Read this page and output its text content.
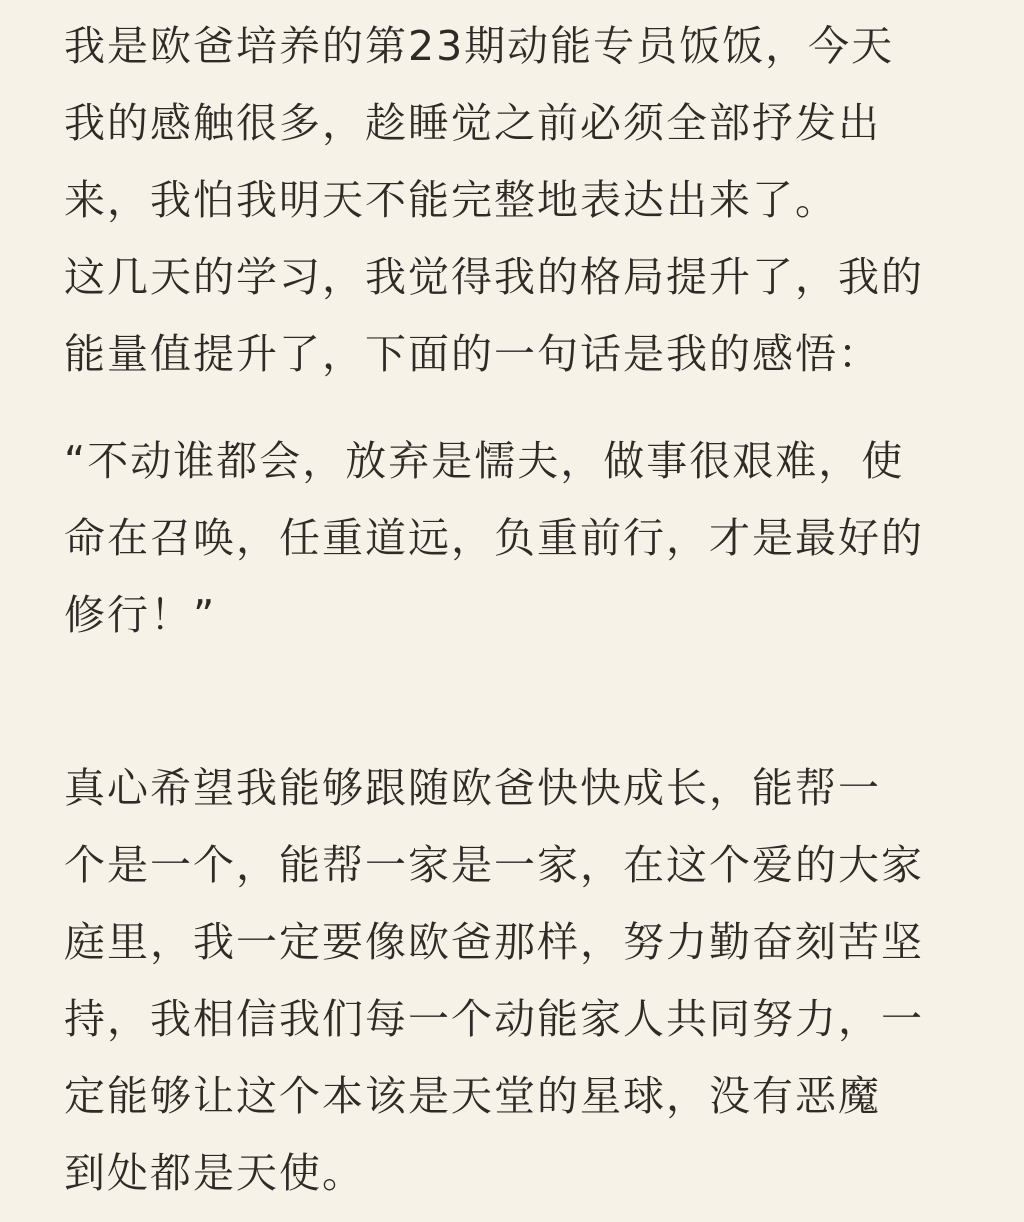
我是欧爸培养的第23期动能专员饭饭，今天

我的感触很多，趁睡觉之前必须全部抒发出

来，我怕我明天不能完整地表达出来了。

这几天的学习，我觉得我的格局提升了，我的

能量值提升了，下面的一句话是我的感悟：

“不动谁都会，放弃是懦夫，做事很艰难，使

命在召唤，任重道远，负重前行，才是最好的

修行！”

真心希望我能够跟随欧爸快快成长，能帮一

个是一个，能帮一家是一家，在这个爱的大家

庭里，我一定要像欧爸那样，努力勤奋刻苦坚

持，我相信我们每一个动能家人共同努力，一

定能够让这个本该是天堂的星球，没有恶魔

到处都是天使。
